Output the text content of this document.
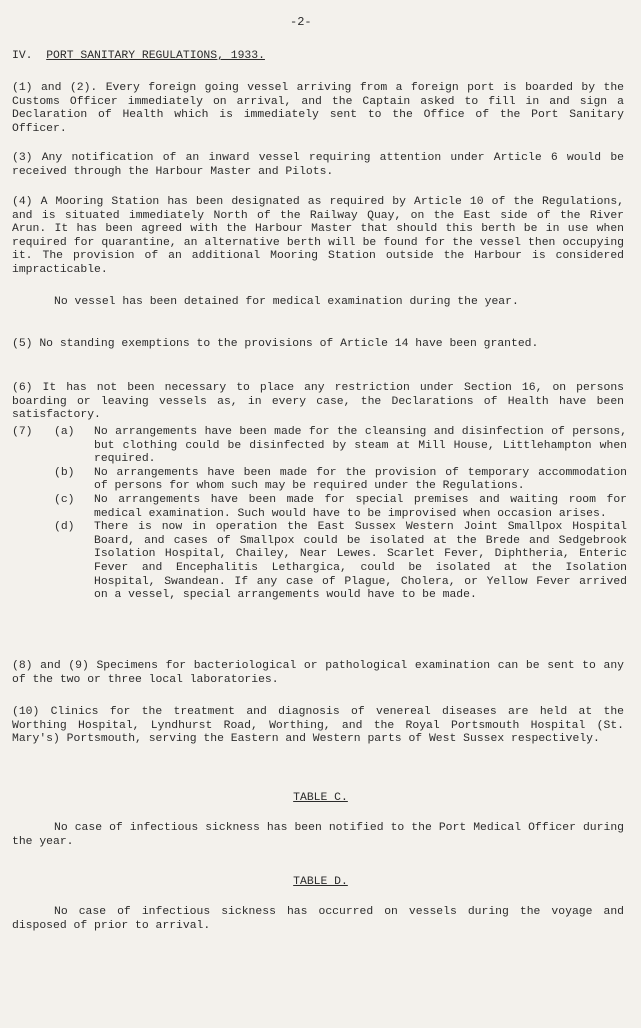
-2-
IV. PORT SANITARY REGULATIONS, 1933.
(1) and (2). Every foreign going vessel arriving from a foreign port is boarded by the Customs Officer immediately on arrival, and the Captain asked to fill in and sign a Declaration of Health which is immediately sent to the Office of the Port Sanitary Officer.
(3) Any notification of an inward vessel requiring attention under Article 6 would be received through the Harbour Master and Pilots.
(4) A Mooring Station has been designated as required by Article 10 of the Regulations, and is situated immediately North of the Railway Quay, on the East side of the River Arun. It has been agreed with the Harbour Master that should this berth be in use when required for quarantine, an alternative berth will be found for the vessel then occupying it. The provision of an additional Mooring Station outside the Harbour is considered impracticable.
No vessel has been detained for medical examination during the year.
(5) No standing exemptions to the provisions of Article 14 have been granted.
(6) It has not been necessary to place any restriction under Section 16, on persons boarding or leaving vessels as, in every case, the Declarations of Health have been satisfactory.
(7)	(a)	No arrangements have been made for the cleansing and disinfection of persons, but clothing could be disinfected by steam at Mill House, Littlehampton when required.
(b)	No arrangements have been made for the provision of temporary accommodation of persons for whom such may be required under the Regulations.
(c)	No arrangements have been made for special premises and waiting room for medical examination. Such would have to be improvised when occasion arises.
(d)	There is now in operation the East Sussex Western Joint Smallpox Hospital Board, and cases of Smallpox could be isolated at the Brede and Sedgebrook Isolation Hospital, Chailey, Near Lewes. Scarlet Fever, Diphtheria, Enteric Fever and Encephalitis Lethargica, could be isolated at the Isolation Hospital, Swandean. If any case of Plague, Cholera, or Yellow Fever arrived on a vessel, special arrangements would have to be made.
(8) and (9) Specimens for bacteriological or pathological examination can be sent to any of the two or three local laboratories.
(10) Clinics for the treatment and diagnosis of venereal diseases are held at the Worthing Hospital, Lyndhurst Road, Worthing, and the Royal Portsmouth Hospital (St. Mary's) Portsmouth, serving the Eastern and Western parts of West Sussex respectively.
TABLE C.
No case of infectious sickness has been notified to the Port Medical Officer during the year.
TABLE D.
No case of infectious sickness has occurred on vessels during the voyage and disposed of prior to arrival.
